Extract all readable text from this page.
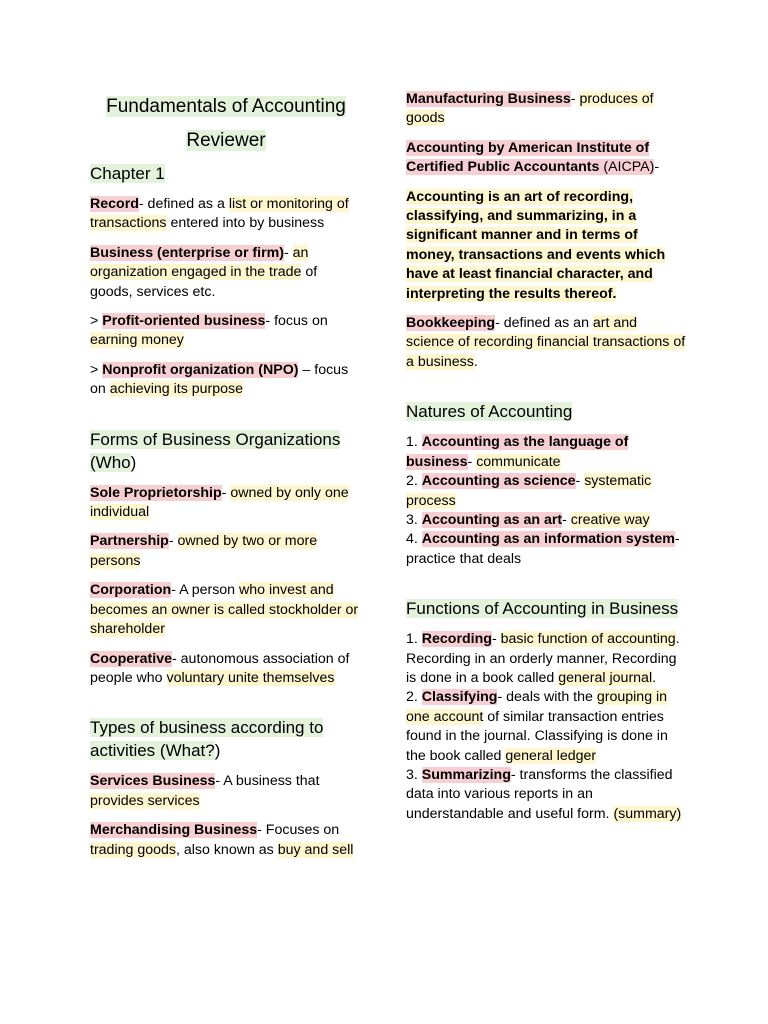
Fundamentals of Accounting
Reviewer
Chapter 1

Record- defined as a list or monitoring of transactions entered into by business

Business (enterprise or firm)- an organization engaged in the trade of goods, services etc.

> Profit-oriented business- focus on earning money

> Nonprofit organization (NPO) – focus on achieving its purpose

Forms of Business Organizations (Who)

Sole Proprietorship- owned by only one individual

Partnership- owned by two or more persons

Corporation- A person who invest and becomes an owner is called stockholder or shareholder

Cooperative- autonomous association of people who voluntary unite themselves

Types of business according to activities (What?)

Services Business- A business that provides services

Merchandising Business- Focuses on trading goods, also known as buy and sell

Manufacturing Business- produces of goods

Accounting by American Institute of Certified Public Accountants (AICPA)-

Accounting is an art of recording, classifying, and summarizing, in a significant manner and in terms of money, transactions and events which have at least financial character, and interpreting the results thereof.

Bookkeeping- defined as an art and science of recording financial transactions of a business.

Natures of Accounting
1. Accounting as the language of business- communicate
2. Accounting as science- systematic process
3. Accounting as an art- creative way
4. Accounting as an information system- practice that deals
Functions of Accounting in Business
1. Recording- basic function of accounting. Recording in an orderly manner, Recording is done in a book called general journal.
2. Classifying- deals with the grouping in one account of similar transaction entries found in the journal. Classifying is done in the book called general ledger
3. Summarizing- transforms the classified data into various reports in an understandable and useful form. (summary)
